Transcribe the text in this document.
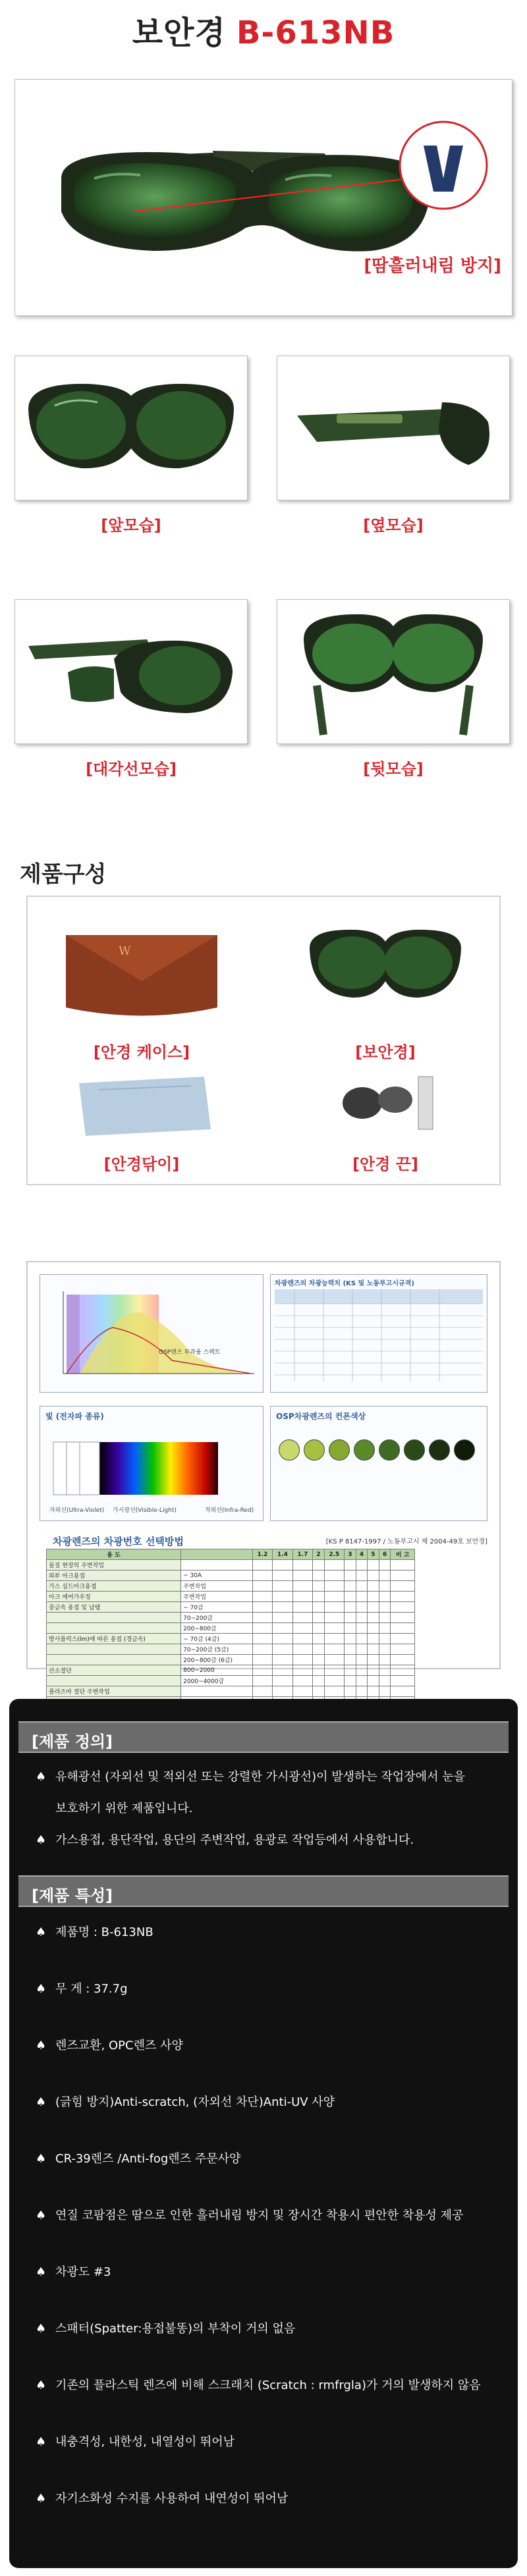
보안경 B-613NB
[땀흘러내림 방지]
[앞모습]	[옆모습]
[대각선모습]	[뒷모습]
제품구성
W
[안경 케이스]	[보안경]
[안경닦이]	[안경 끈]
OSP렌즈 투과율 스펙트
차광렌즈의 차광능력치 (KS 및 노동부고시규격)
빛 (전자파 종류)
자외선(Ultra-Violet) 가시광선(Visible-Light)	적외선(Infra-Red)
OSP차광렌즈의 컨폰색상
차광렌즈의 차광번호 선택방법	[KS P 8147-1997 / 노동부고시 제 2004-49호 보안경]
용 도		1.2	1.4	1.7	2	2.5	3	4	5	6	비 고
물질 현장의 주변작업											
외부 아크용접	~ 30A										
가스 실드아크용접	주변작업										
아크 에어가우징	주변작업										
중금속 용접 및 납땜	~ 70급										
	70~200급										
	200~800급										
방사플럭스(lm)에 따른 용접 (경금속)	~ 70급 (4급)										
	70~200급 (5급)										
	200~800급 (6급)										
산소절단	800~2000										
	2000~4000급										
플라즈마 절단 주변작업											

[제품 정의]
♠ 유해광선 (자외선 및 적외선 또는 강렬한 가시광선)이 발생하는 작업장에서 눈을
보호하기 위한 제품입니다.
♠ 가스용접, 용단작업, 용단의 주변작업, 용광로 작업등에서 사용합니다.
[제품 특성]
♠ 제품명 : B-613NB
♠ 무 게 : 37.7g
♠ 렌즈교환, OPC렌즈 사양
♠ (긁힘 방지)Anti-scratch, (자외선 차단)Anti-UV 사양
♠ CR-39렌즈 /Anti-fog렌즈 주문사양
♠ 연질 코팜점은 땀으로 인한 흘러내림 방지 및 장시간 착용시 편안한 착용성 제공
♠ 차광도 #3
♠ 스패터(Spatter:용접불똥)의 부착이 거의 없음
♠ 기존의 플라스틱 렌즈에 비해 스크래치 (Scratch : rmfrgla)가 거의 발생하지 않음
♠ 내충격성, 내한성, 내열성이 뛰어남
♠ 자기소화성 수지를 사용하여 내연성이 뛰어남
